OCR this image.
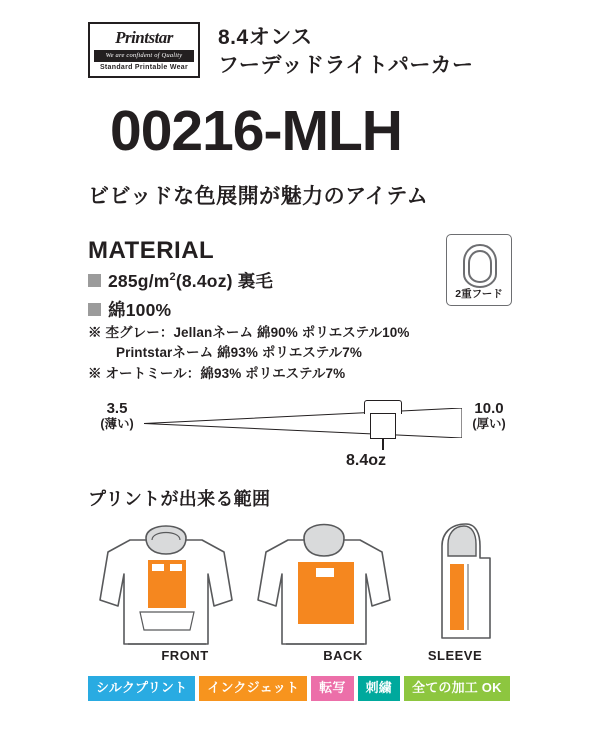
Printstar
We are confident of Quality
Standard Printable Wear
8.4オンス
フーデッドライトパーカー
00216-MLH
ビビッドな色展開が魅力のアイテム
MATERIAL
$285g/m^2(8.4oz)$ 裏毛
綿100%
※ 杢グレー：Jellanネーム 綿90% ポリエステル10%
Printstarネーム 綿93% ポリエステル7%
※ オートミール：綿93% ポリエステル7%
2重フード
3.5
(薄い)
10.0
(厚い)
8.4oz
プリントが出来る範囲
FRONT	BACK	SLEEVE
シルクプリント	インクジェット	転写	刺繍	全ての加工 OK
